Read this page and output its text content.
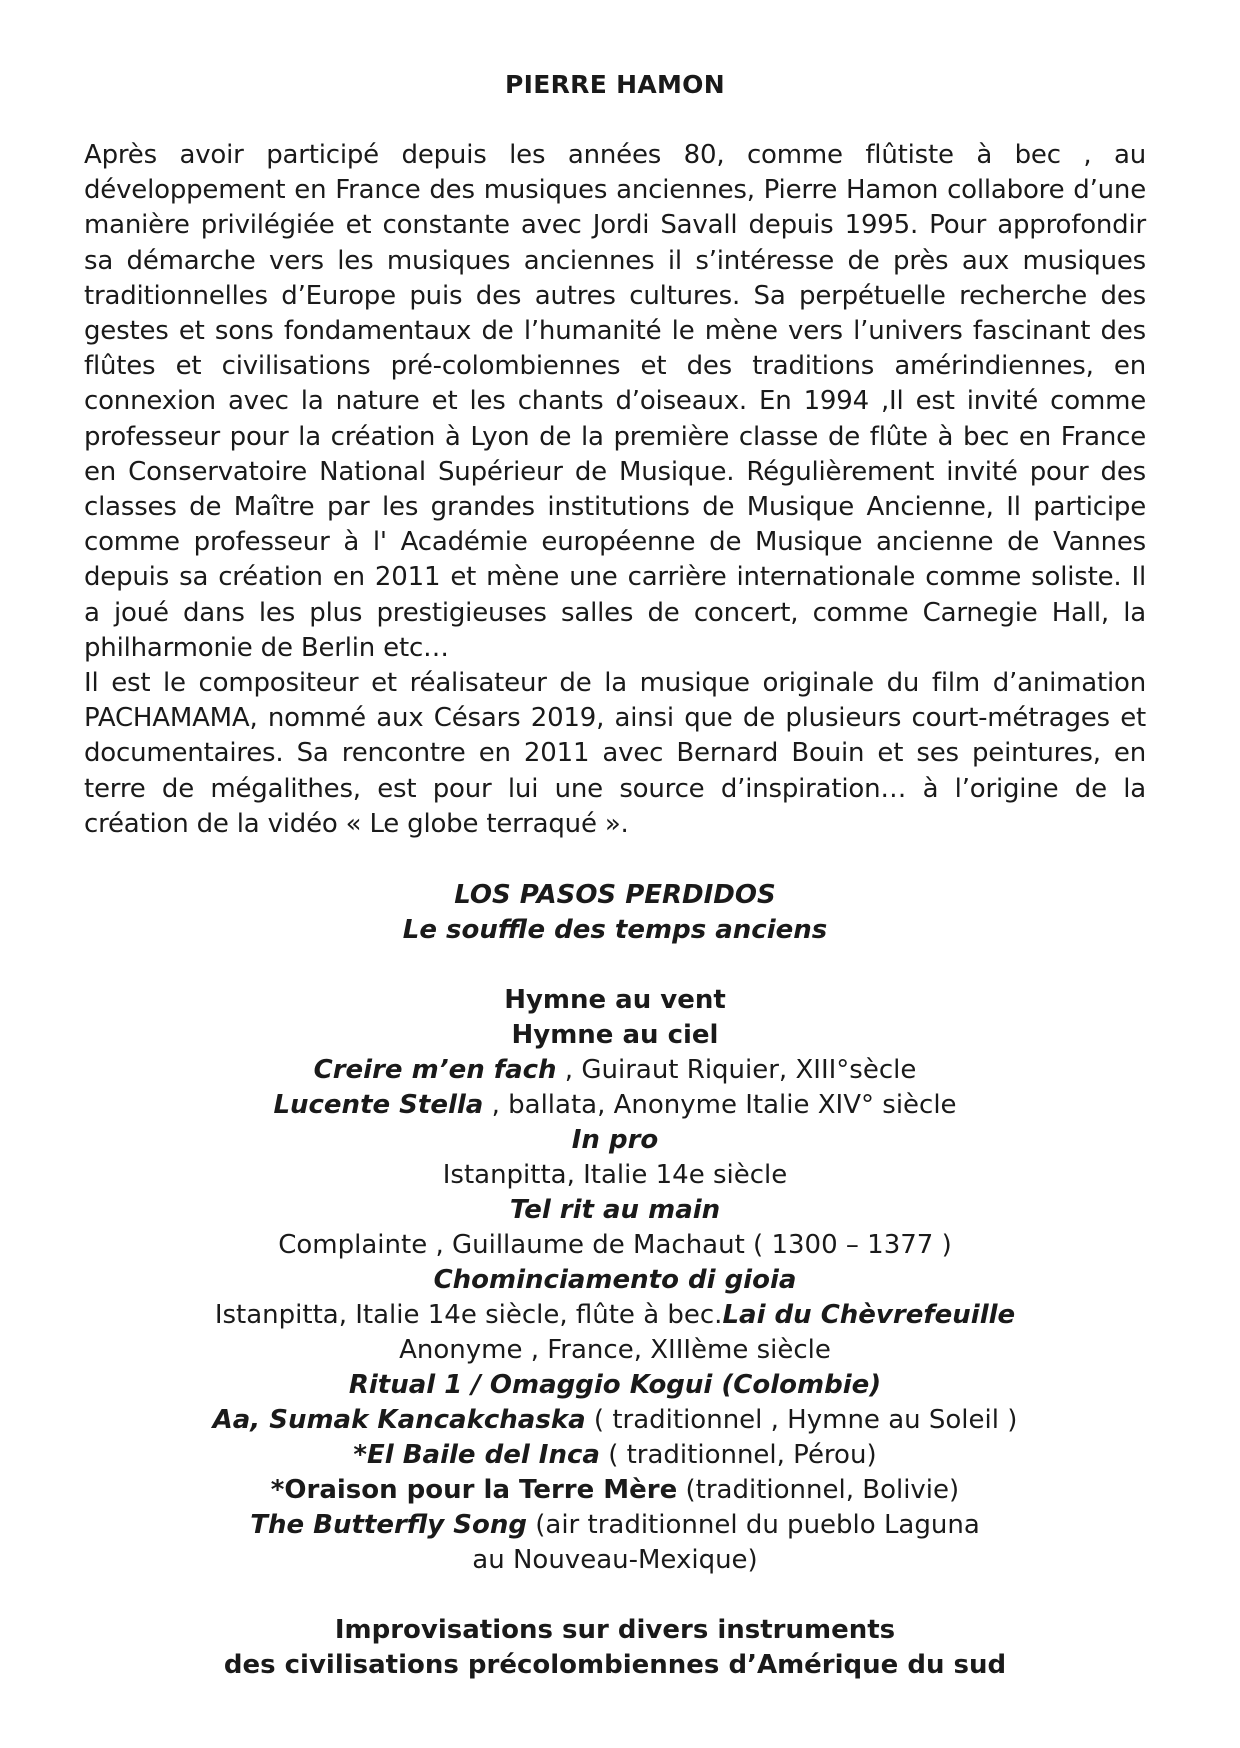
PIERRE HAMON

Après avoir participé depuis les années 80, comme flûtiste à bec , au développement en France des musiques anciennes, Pierre Hamon collabore d’une manière privilégiée et constante avec Jordi Savall depuis 1995. Pour approfondir sa démarche vers les musiques anciennes il s’intéresse de près aux musiques traditionnelles d’Europe puis des autres cultures. Sa perpétuelle recherche des gestes et sons fondamentaux de l’humanité le mène vers l’univers fascinant des flûtes et civilisations pré-colombiennes et des traditions amérindiennes, en connexion avec la nature et les chants d’oiseaux. En 1994 ,Il est invité comme professeur pour la création à Lyon de la première classe de flûte à bec en France en Conservatoire National Supérieur de Musique. Régulièrement invité pour des classes de Maître par les grandes institutions de Musique Ancienne, Il participe comme professeur à l' Académie européenne de Musique ancienne de Vannes depuis sa création en 2011 et mène une carrière internationale comme soliste. Il a joué dans les plus prestigieuses salles de concert, comme Carnegie Hall, la philharmonie de Berlin etc…

Il est le compositeur et réalisateur de la musique originale du film d’animation PACHAMAMA, nommé aux Césars 2019, ainsi que de plusieurs court-métrages et documentaires. Sa rencontre en 2011 avec Bernard Bouin et ses peintures, en terre de mégalithes, est pour lui une source d’inspiration… à l’origine de la création de la vidéo « Le globe terraqué ».

LOS PASOS PERDIDOS
Le souffle des temps anciens
Hymne au vent
Hymne au ciel
Creire m’en fach , Guiraut Riquier, XIII°sècle
Lucente Stella , ballata, Anonyme Italie XIV° siècle
In pro
Istanpitta, Italie 14e siècle
Tel rit au main
Complainte , Guillaume de Machaut ( 1300 – 1377 )
Chominciamento di gioia
Istanpitta, Italie 14e siècle, flûte à bec.Lai du Chèvrefeuille
Anonyme , France, XIIIème siècle
Ritual 1 / Omaggio Kogui (Colombie)
Aa, Sumak Kancakchaska ( traditionnel , Hymne au Soleil )
*El Baile del Inca ( traditionnel, Pérou)
*Oraison pour la Terre Mère (traditionnel, Bolivie)
The Butterfly Song (air traditionnel du pueblo Laguna
au Nouveau-Mexique)
Improvisations sur divers instruments
des civilisations précolombiennes d’Amérique du sud
